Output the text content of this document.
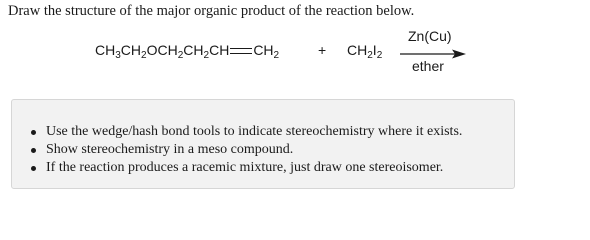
Draw the structure of the major organic product of the reaction below.
$CH_3CH_2OCH_2CH_2CH$ $CH_2$	+ $CH_2I_2$
Zn(Cu)
ether
Use the wedge/hash bond tools to indicate stereochemistry where it exists.
Show stereochemistry in a meso compound.
If the reaction produces a racemic mixture, just draw one stereoisomer.
